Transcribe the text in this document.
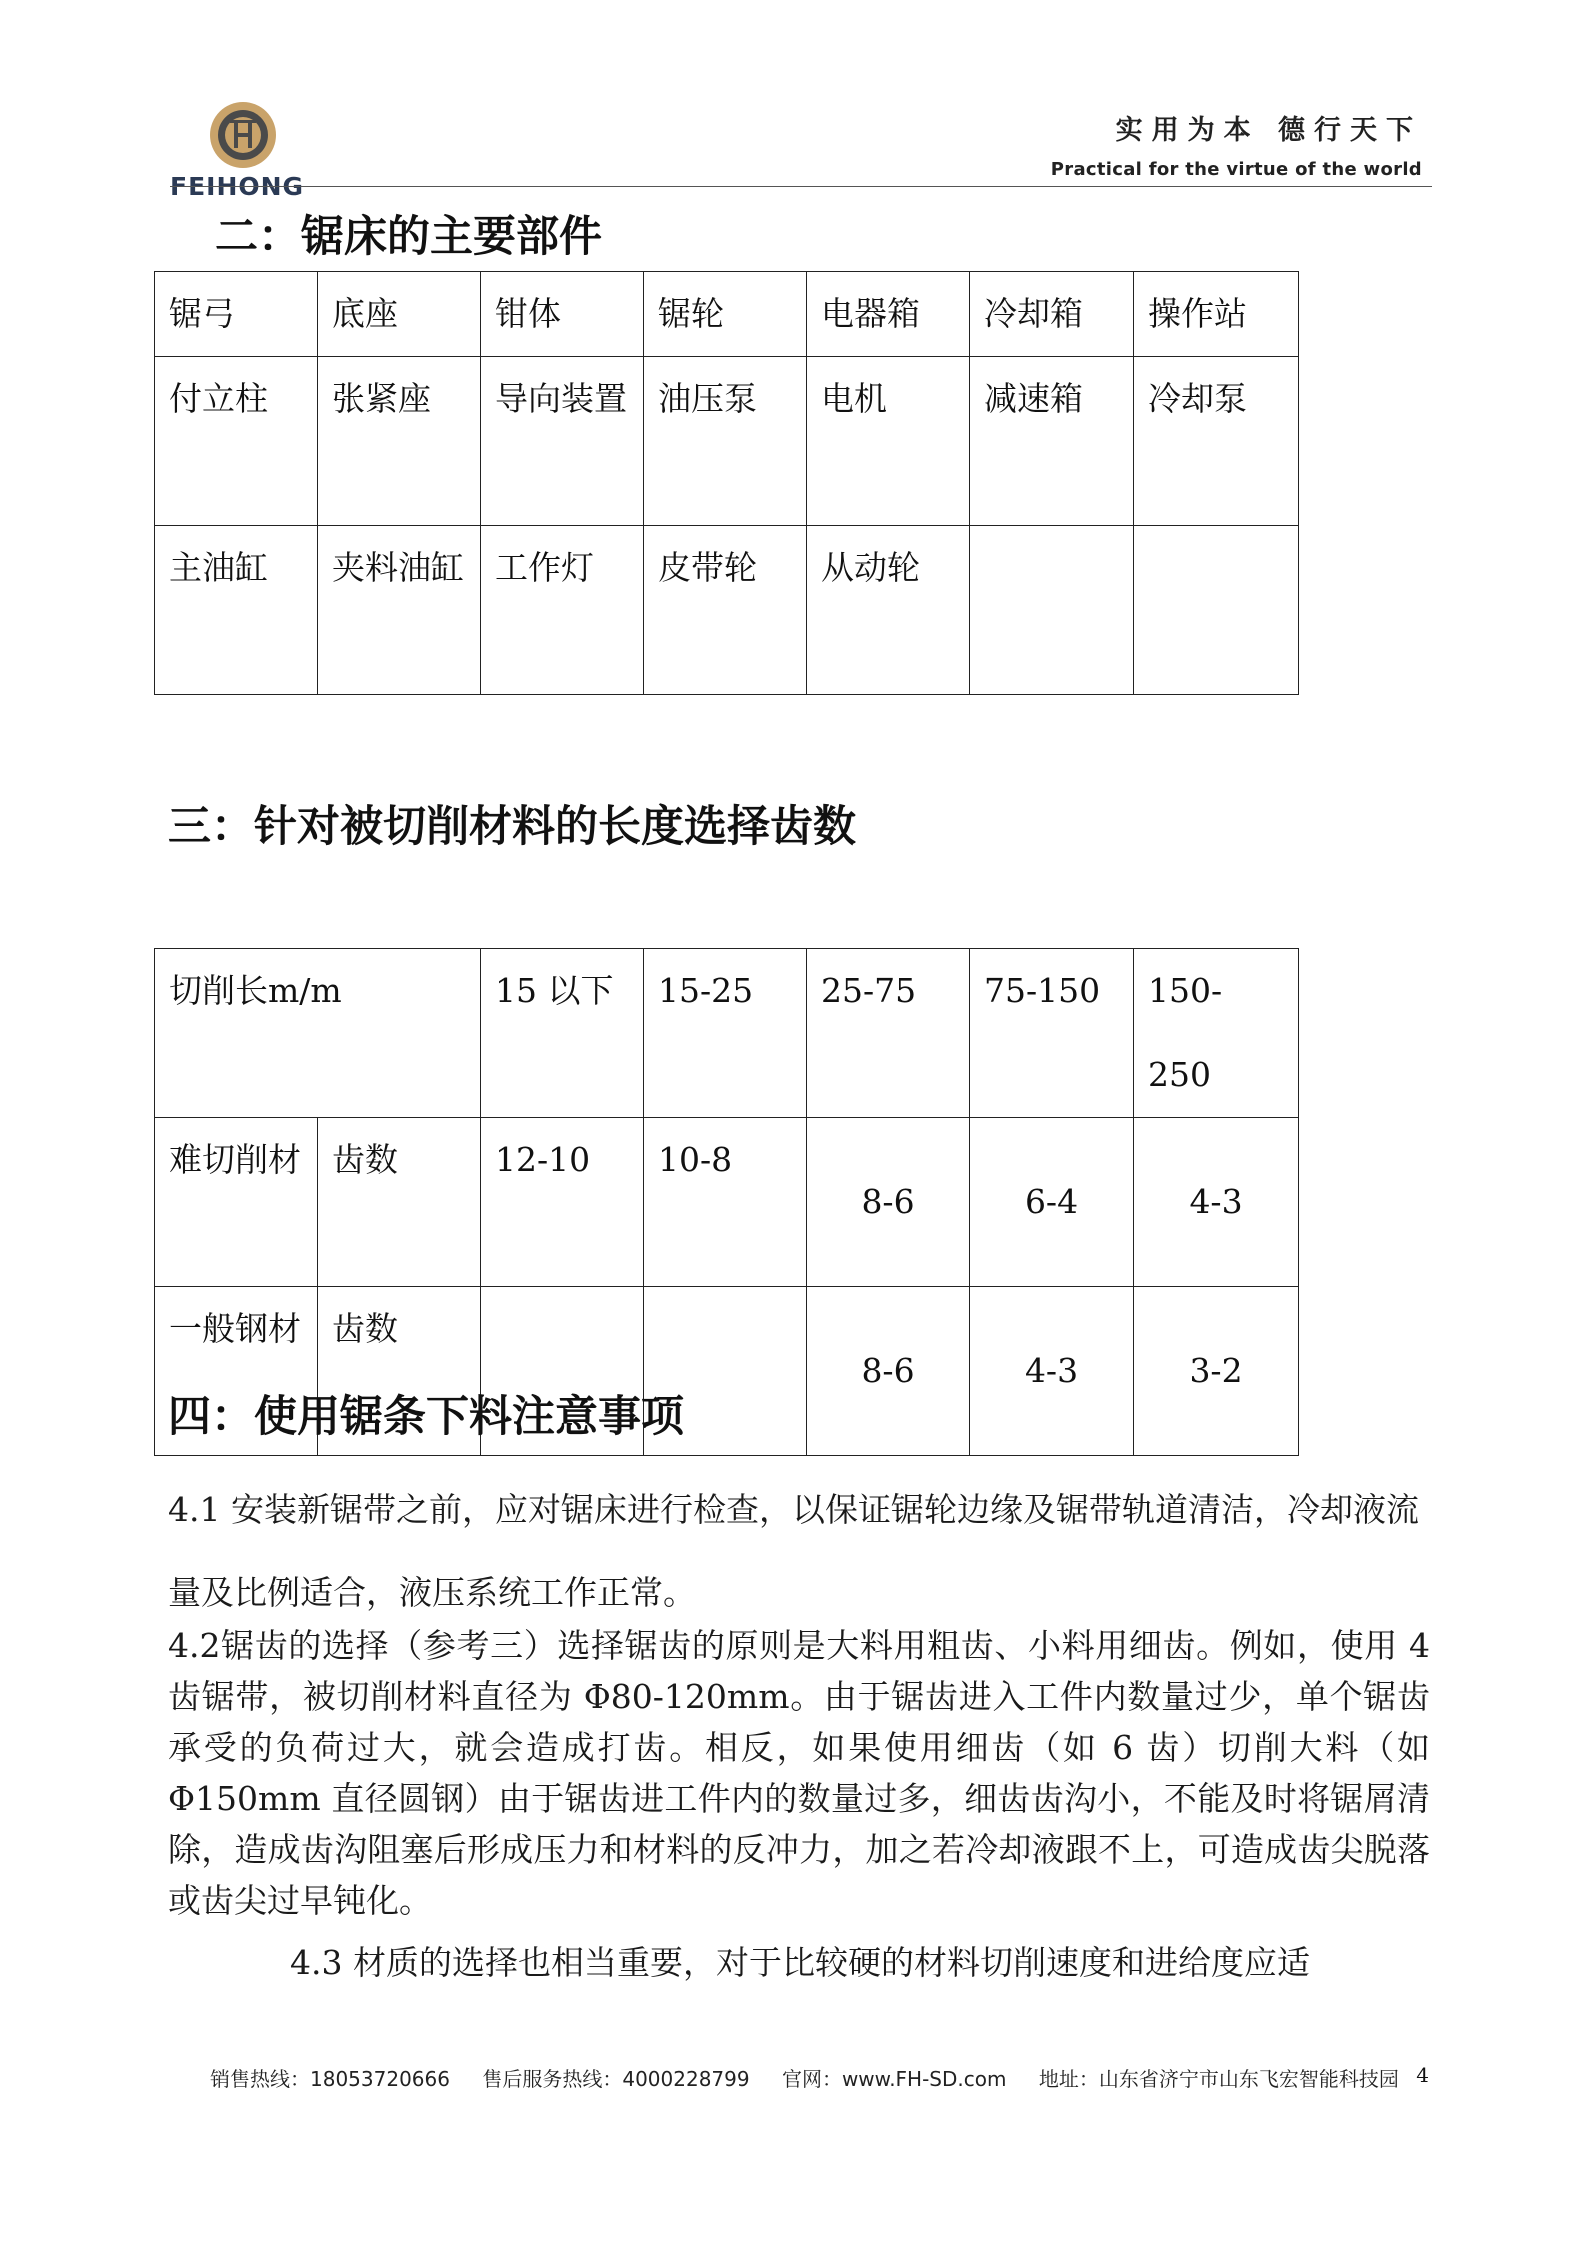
FEIHONG
实用为本 德行天下
Practical for the virtue of the world
二：锯床的主要部件
锯弓	底座	钳体	锯轮	电器箱	冷却箱	操作站
付立柱	张紧座	导向装置	油压泵	电机	减速箱	冷却泵
主油缸	夹料油缸	工作灯	皮带轮	从动轮		
三：针对被切削材料的长度选择齿数
切削长m/m		15 以下	15-25	25-75	75-150	150-250
难切削材	齿数	12-10	10-8	8-6	6-4	4-3
一般钢材	齿数			8-6	4-3	3-2
四：使用锯条下料注意事项
4.1 安装新锯带之前，应对锯床进行检查，以保证锯轮边缘及锯带轨道清洁，冷却液流量及比例适合，液压系统工作正常。
4.2锯齿的选择（参考三）选择锯齿的原则是大料用粗齿、小料用细齿。例如，使用 4 齿锯带，被切削材料直径为 Φ80-120mm。由于锯齿进入工件内数量过少，单个锯齿承受的负荷过大，就会造成打齿。相反，如果使用细齿（如 6 齿）切削大料（如 Φ150mm 直径圆钢）由于锯齿进工件内的数量过多，细齿齿沟小，不能及时将锯屑清除，造成齿沟阻塞后形成压力和材料的反冲力，加之若冷却液跟不上，可造成齿尖脱落或齿尖过早钝化。
4.3 材质的选择也相当重要，对于比较硬的材料切削速度和进给度应适
销售热线：18053720666 售后服务热线：4000228799 官网：www.FH-SD.com 地址：山东省济宁市山东飞宏智能科技园 4
